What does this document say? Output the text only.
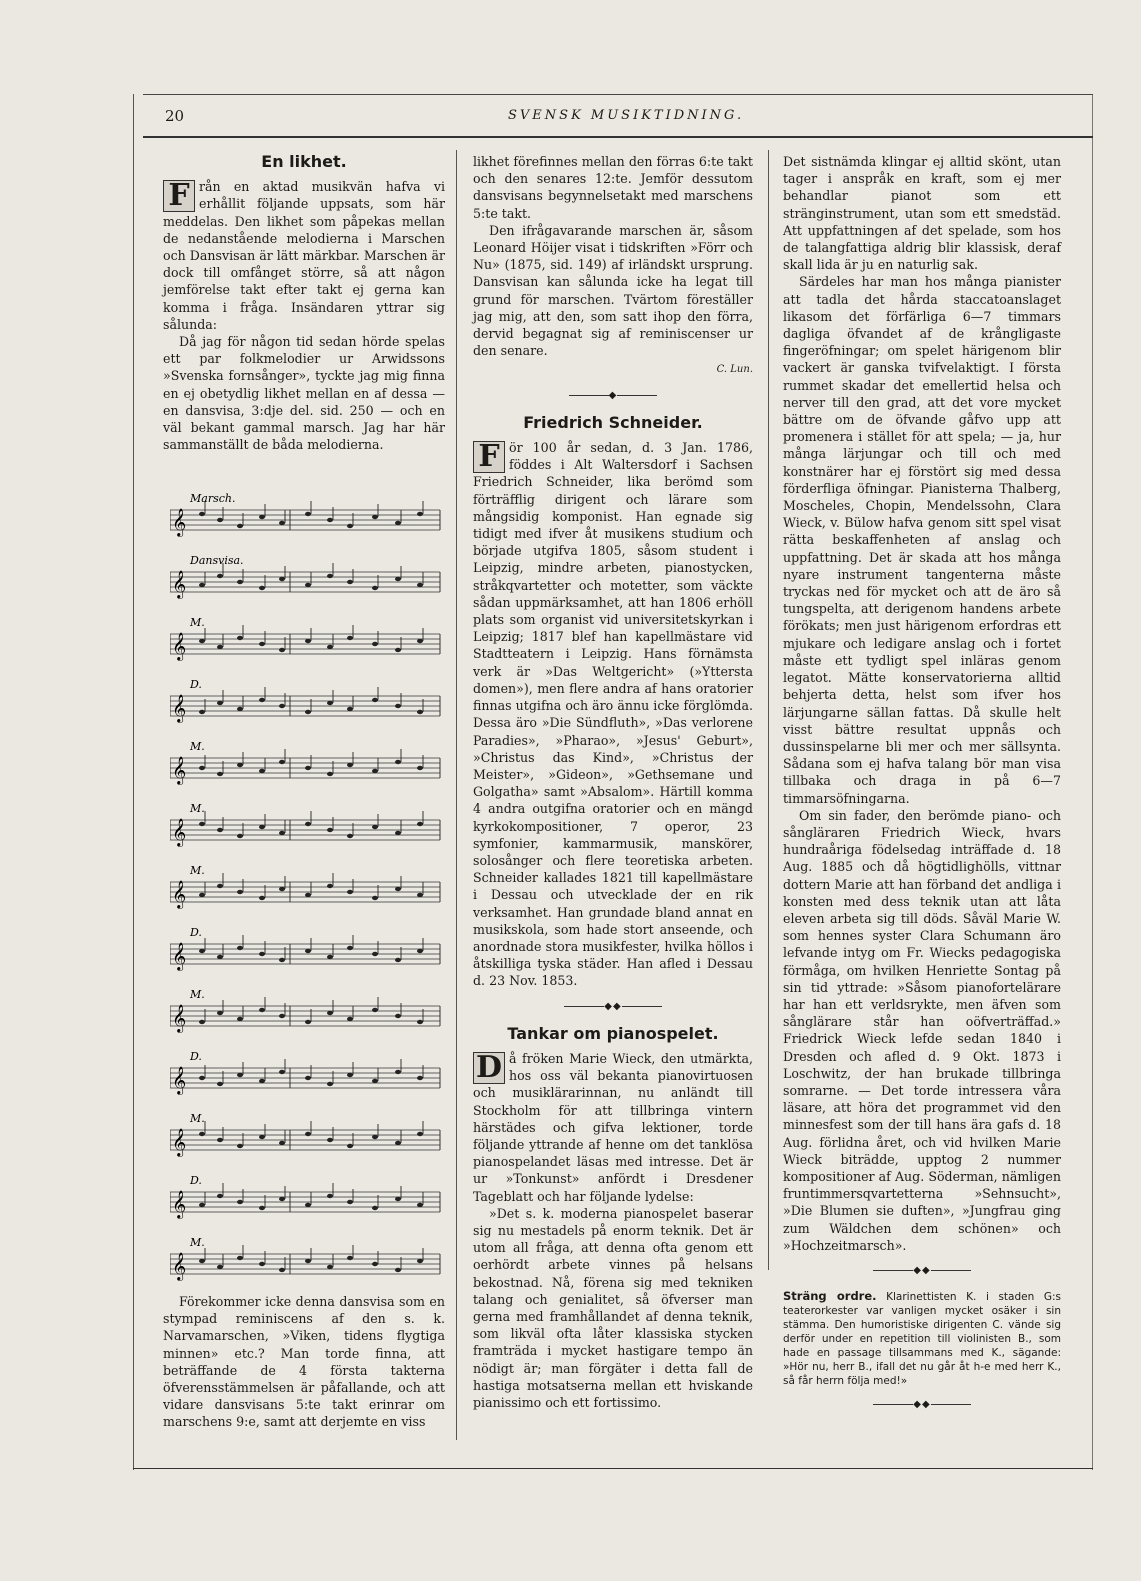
20	SVENSK MUSIKTIDNING.
En likhet.

F rån en aktad musikvän hafva vi erhållit följande uppsats, som här meddelas. Den likhet som påpekas mellan de nedanstående melodierna i Marschen och Dansvisan är lätt märkbar. Marschen är dock till omfånget större, så att någon jemförelse takt efter takt ej gerna kan komma i fråga. Insändaren yttrar sig sålunda:

Då jag för någon tid sedan hörde spelas ett par folkmelodier ur Arwidssons »Svenska fornsånger», tyckte jag mig finna en ej obetydlig likhet mellan en af dessa — en dansvisa, 3:dje del. sid. 250 — och en väl bekant gammal marsch. Jag har här sammanställt de båda melodierna.

Marsch.
𝄞
Dansvisa.
𝄞
M.
𝄞
D.
𝄞
M.
𝄞
M.
𝄞
M.
𝄞
D.
𝄞
M.
𝄞
D.
𝄞
M.
𝄞
D.
𝄞
M.
𝄞

Förekommer icke denna dansvisa som en stympad reminiscens af den s. k. Narvamarschen, »Viken, tidens flygtiga minnen» etc.? Man torde finna, att beträffande de 4 första takterna öfverensstämmelsen är påfallande, och att vidare dansvisans 5:te takt erinrar om marschens 9:e, samt att derjemte en viss

likhet förefinnes mellan den förras 6:te takt och den senares 12:te. Jemför dessutom dansvisans begynnelsetakt med marschens 5:te takt.

Den ifrågavarande marschen är, såsom Leonard Höijer visat i tidskriften »Förr och Nu» (1875, sid. 149) af irländskt ursprung. Dansvisan kan sålunda icke ha legat till grund för marschen. Tvärtom föreställer jag mig, att den, som satt ihop den förra, dervid begagnat sig af reminiscenser ur den senare.

C. Lun.
◆
Friedrich Schneider.

F ör 100 år sedan, d. 3 Jan. 1786, föddes i Alt Waltersdorf i Sachsen Friedrich Schneider, lika berömd som förträfflig dirigent och lärare som mångsidig komponist. Han egnade sig tidigt med ifver åt musikens studium och började utgifva 1805, såsom student i Leipzig, mindre arbeten, pianostycken, stråkqvartetter och motetter, som väckte sådan uppmärksamhet, att han 1806 erhöll plats som organist vid universitetskyrkan i Leipzig; 1817 blef han kapellmästare vid Stadtteatern i Leipzig. Hans förnämsta verk är »Das Weltgericht» (»Yttersta domen»), men flere andra af hans oratorier finnas utgifna och äro ännu icke förglömda. Dessa äro »Die Sündfluth», »Das verlorene Paradies», »Pharao», »Jesus' Geburt», »Christus das Kind», »Christus der Meister», »Gideon», »Gethsemane und Golgatha» samt »Absalom». Härtill komma 4 andra outgifna oratorier och en mängd kyrkokompositioner, 7 operor, 23 symfonier, kammarmusik, manskörer, solosånger och flere teoretiska arbeten. Schneider kallades 1821 till kapellmästare i Dessau och utvecklade der en rik verksamhet. Han grundade bland annat en musikskola, som hade stort anseende, och anordnade stora musikfester, hvilka höllos i åtskilliga tyska städer. Han afled i Dessau d. 23 Nov. 1853.

◆◆
Tankar om pianospelet.

D å fröken Marie Wieck, den utmärkta, hos oss väl bekanta pianovirtuosen och musiklärarinnan, nu anländt till Stockholm för att tillbringa vintern härstädes och gifva lektioner, torde följande yttrande af henne om det tanklösa pianospelandet läsas med intresse. Det är ur »Tonkunst» anfördt i Dresdener Tageblatt och har följande lydelse:

»Det s. k. moderna pianospelet baserar sig nu mestadels på enorm teknik. Det är utom all fråga, att denna ofta genom ett oerhördt arbete vinnes på helsans bekostnad. Nå, förena sig med tekniken talang och genialitet, så öfverser man gerna med framhållandet af denna teknik, som likväl ofta låter klassiska stycken framträda i mycket hastigare tempo än nödigt är; man förgäter i detta fall de hastiga motsatserna mellan ett hviskande pianissimo och ett fortissimo.

Det sistnämda klingar ej alltid skönt, utan tager i anspråk en kraft, som ej mer behandlar pianot som ett stränginstrument, utan som ett smedstäd. Att uppfattningen af det spelade, som hos de talangfattiga aldrig blir klassisk, deraf skall lida är ju en naturlig sak.

Särdeles har man hos många pianister att tadla det hårda staccatoanslaget likasom det förfärliga 6—7 timmars dagliga öfvandet af de krångligaste fingeröfningar; om spelet härigenom blir vackert är ganska tvifvelaktigt. I första rummet skadar det emellertid helsa och nerver till den grad, att det vore mycket bättre om de öfvande gåfvo upp att promenera i stället för att spela; — ja, hur många lärjungar och till och med konstnärer har ej förstört sig med dessa förderfliga öfningar. Pianisterna Thalberg, Moscheles, Chopin, Mendelssohn, Clara Wieck, v. Bülow hafva genom sitt spel visat rätta beskaffenheten af anslag och uppfattning. Det är skada att hos många nyare instrument tangenterna måste tryckas ned för mycket och att de äro så tungspelta, att derigenom handens arbete förökats; men just härigenom erfordras ett mjukare och ledigare anslag och i fortet måste ett tydligt spel inläras genom legatot. Mätte konservatorierna alltid behjerta detta, helst som ifver hos lärjungarne sällan fattas. Då skulle helt visst bättre resultat uppnås och dussinspelarne bli mer och mer sällsynta. Sådana som ej hafva talang bör man visa tillbaka och draga in på 6—7 timmarsöfningarna.

Om sin fader, den berömde piano- och sångläraren Friedrich Wieck, hvars hundraåriga födelsedag inträffade d. 18 Aug. 1885 och då högtidlighölls, vittnar dottern Marie att han förband det andliga i konsten med dess teknik utan att låta eleven arbeta sig till döds. Såväl Marie W. som hennes syster Clara Schumann äro lefvande intyg om Fr. Wiecks pedagogiska förmåga, om hvilken Henriette Sontag på sin tid yttrade: »Såsom pianofortelärare har han ett verldsrykte, men äfven som sånglärare står han oöfverträffad.» Friedrick Wieck lefde sedan 1840 i Dresden och afled d. 9 Okt. 1873 i Loschwitz, der han brukade tillbringa somrarne. — Det torde intressera våra läsare, att höra det programmet vid den minnesfest som der till hans ära gafs d. 18 Aug. förlidna året, och vid hvilken Marie Wieck biträdde, upptog 2 nummer kompositioner af Aug. Söderman, nämligen fruntimmersqvartetterna »Sehnsucht», »Die Blumen sie duften», »Jungfrau ging zum Wäldchen dem schönen» och »Hochzeitmarsch».

◆◆

Sträng ordre. Klarinettisten K. i staden G:s teaterorkester var vanligen mycket osäker i sin stämma. Den humoristiske dirigenten C. vände sig derför under en repetition till violinisten B., som hade en passage tillsammans med K., sägande: »Hör nu, herr B., ifall det nu går åt h-e med herr K., så får herrn följa med!»

◆◆
